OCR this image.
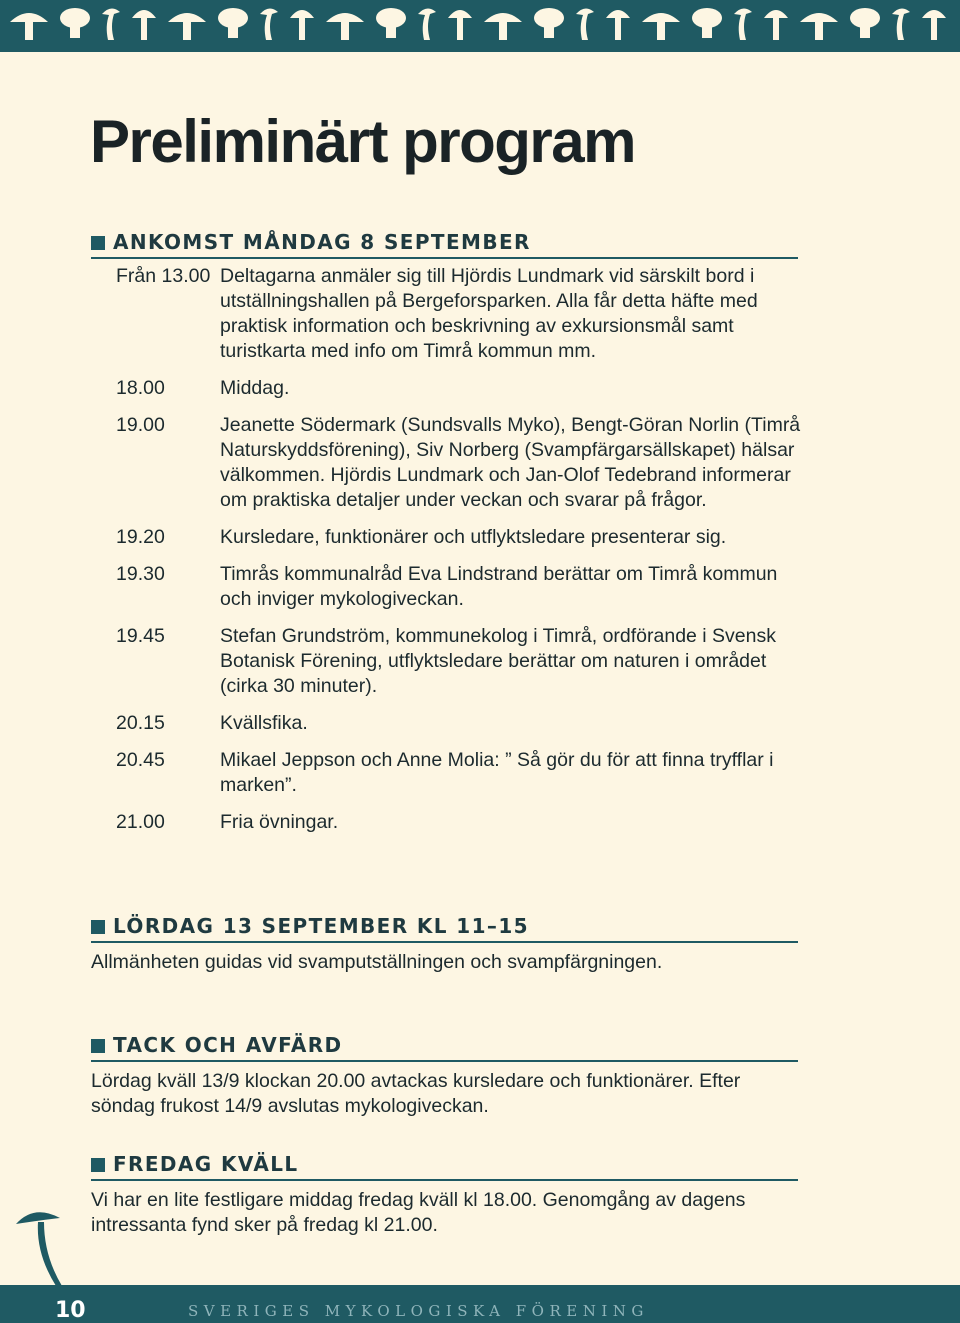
Preliminärt program
ANKOMST MÅNDAG 8 SEPTEMBER
Från 13.00 Deltagarna anmäler sig till Hjördis Lundmark vid särskilt bord i utställningshallen på Bergeforsparken. Alla får detta häfte med praktisk information och beskrivning av exkursionsmål samt turistkarta med info om Timrå kommun mm.
18.00	Middag.
19.00	Jeanette Södermark (Sundsvalls Myko), Bengt-Göran Norlin (Timrå Naturskyddsförening), Siv Norberg (Svampfärgarsällskapet) hälsar välkommen. Hjördis Lundmark och Jan-Olof Tedebrand informerar om praktiska detaljer under veckan och svarar på frågor.
19.20	Kursledare, funktionärer och utflyktsledare presenterar sig.
19.30	Timrås kommunalråd Eva Lindstrand berättar om Timrå kommun och inviger mykologiveckan.
19.45	Stefan Grundström, kommunekolog i Timrå, ordförande i Svensk Botanisk Förening, utflyktsledare berättar om naturen i området (cirka 30 minuter).
20.15	Kvällsfika.
20.45	Mikael Jeppson och Anne Molia: ” Så gör du för att finna tryfflar i marken”.
21.00	Fria övningar.
LÖRDAG 13 SEPTEMBER KL 11–15

Allmänheten guidas vid svamputställningen och svampfärgningen.

TACK OCH AVFÄRD

Lördag kväll 13/9 klockan 20.00 avtackas kursledare och funktionärer. Efter söndag frukost 14/9 avslutas mykologiveckan.

FREDAG KVÄLL

Vi har en lite festligare middag fredag kväll kl 18.00. Genomgång av dagens intressanta fynd sker på fredag kl 21.00.

10	SVERIGES MYKOLOGISKA FÖRENING
